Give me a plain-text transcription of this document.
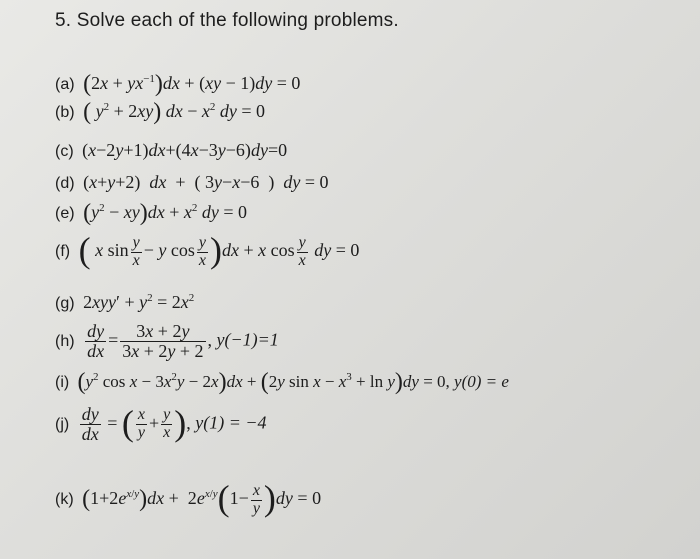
5. Solve each of the following problems.
(a) $(2x + yx^{-1})dx + (xy - 1)dy = 0$
(b) ( $y^2 + 2xy$) dx − $x^2$ dy = 0
(c) (x−2y+1)dx+(4x−3y−6)dy=0
(d) (x+y+2)  dx  +  ( 3y−x−6  )  dy = 0
(e) $(y^2 - xy)dx + x^2$ dy = 0
(f) ( x $\sin \frac{y}{x} - y$ $\cos \frac{y}{x} )dx + x$ $\cos \frac{y}{x}$ dy = 0
(g) $2xyy' + y^2 = 2x^2$
$(h) \frac{dy}{dx} = \frac{3x + 2y}{3x + 2y + 2}$ , y(−1)=1
(i) ($y^2$ $\cos x - 3x^2y - 2x)dx + (2y$ $\sin x - x^3 + \ln y)dy = 0$, y(0) = e
$(j) \frac{dy}{dx}$ = ( $\frac{x}{y} + \frac{y}{x}$ ), y(1) = −4
(k) $(1+2e^{x/y})dx + 2e^{x/y}(1- \frac{x}{y} )dy = 0$
